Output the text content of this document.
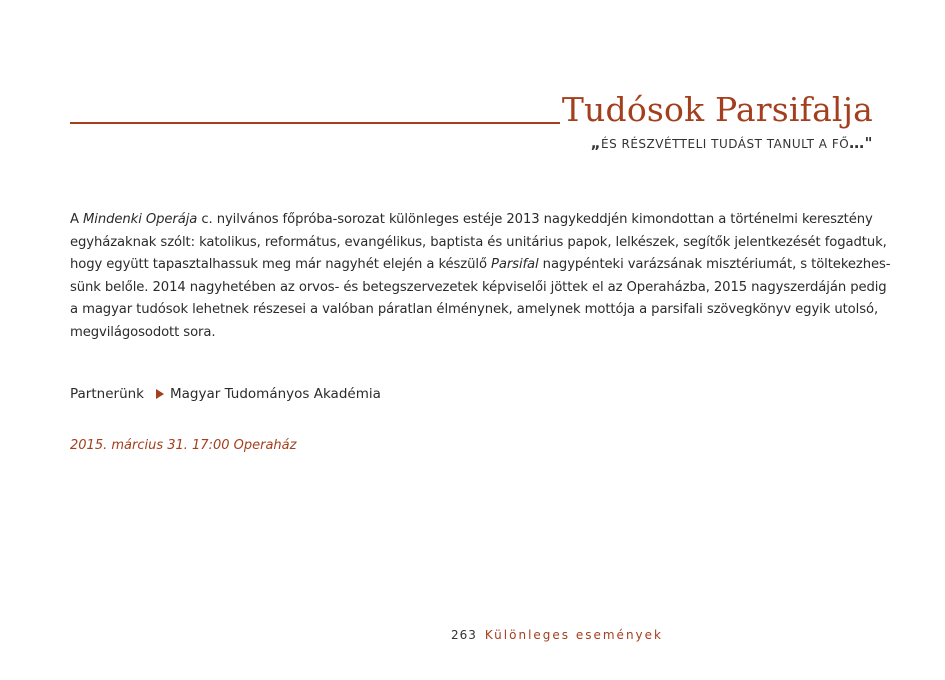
Tudósok Parsifalja
„ÉS RÉSZVÉTTELI TUDÁST TANULT A FŐ…"
A Mindenki Operája c. nyilvános főpróba-sorozat különleges estéje 2013 nagykeddjén kimondottan a történelmi keresztény
egyházaknak szólt: katolikus, református, evangélikus, baptista és unitárius papok, lelkészek, segítők jelentkezését fogadtuk,
hogy együtt tapasztalhassuk meg már nagyhét elején a készülő Parsifal nagypénteki varázsának misztériumát, s töltekezhes-
sünk belőle. 2014 nagyhetében az orvos- és betegszervezetek képviselői jöttek el az Operaházba, 2015 nagyszerdáján pedig
a magyar tudósok lehetnek részesei a valóban páratlan élménynek, amelynek mottója a parsifali szövegkönyv egyik utolsó,
megvilágosodott sora.
Partnerünk Magyar Tudományos Akadémia
2015. március 31. 17:00 Operaház
263 Különleges események
